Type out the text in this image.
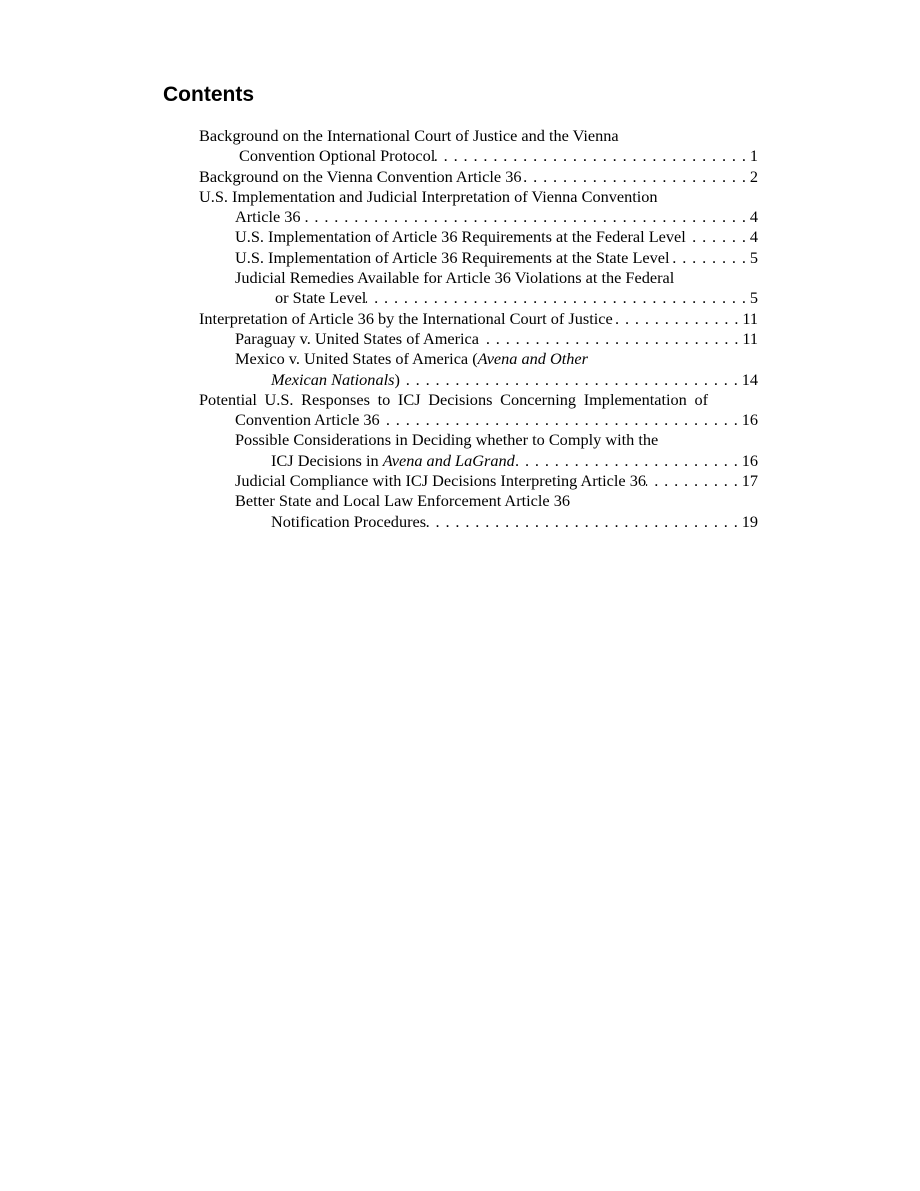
Contents
Background on the International Court of Justice and the Vienna
Convention Optional Protocol . . .	1
Background on the Vienna Convention Article 36 . . .	2
U.S. Implementation and Judicial Interpretation of Vienna Convention
Article 36 . . .	4
U.S. Implementation of Article 36 Requirements at the Federal Level . . .	4
U.S. Implementation of Article 36 Requirements at the State Level . . .	5
Judicial Remedies Available for Article 36 Violations at the Federal
or State Level . . .	5
Interpretation of Article 36 by the International Court of Justice . . .	11
Paraguay v. United States of America . . .	11
Mexico v. United States of America (Avena and Other
Mexican Nationals) . . .	14
Potential U.S. Responses to ICJ Decisions Concerning Implementation of
Convention Article 36 . . .	16
Possible Considerations in Deciding whether to Comply with the
ICJ Decisions in Avena and LaGrand . . .	16
Judicial Compliance with ICJ Decisions Interpreting Article 36 . . .	17
Better State and Local Law Enforcement Article 36
Notification Procedures . . .	19
